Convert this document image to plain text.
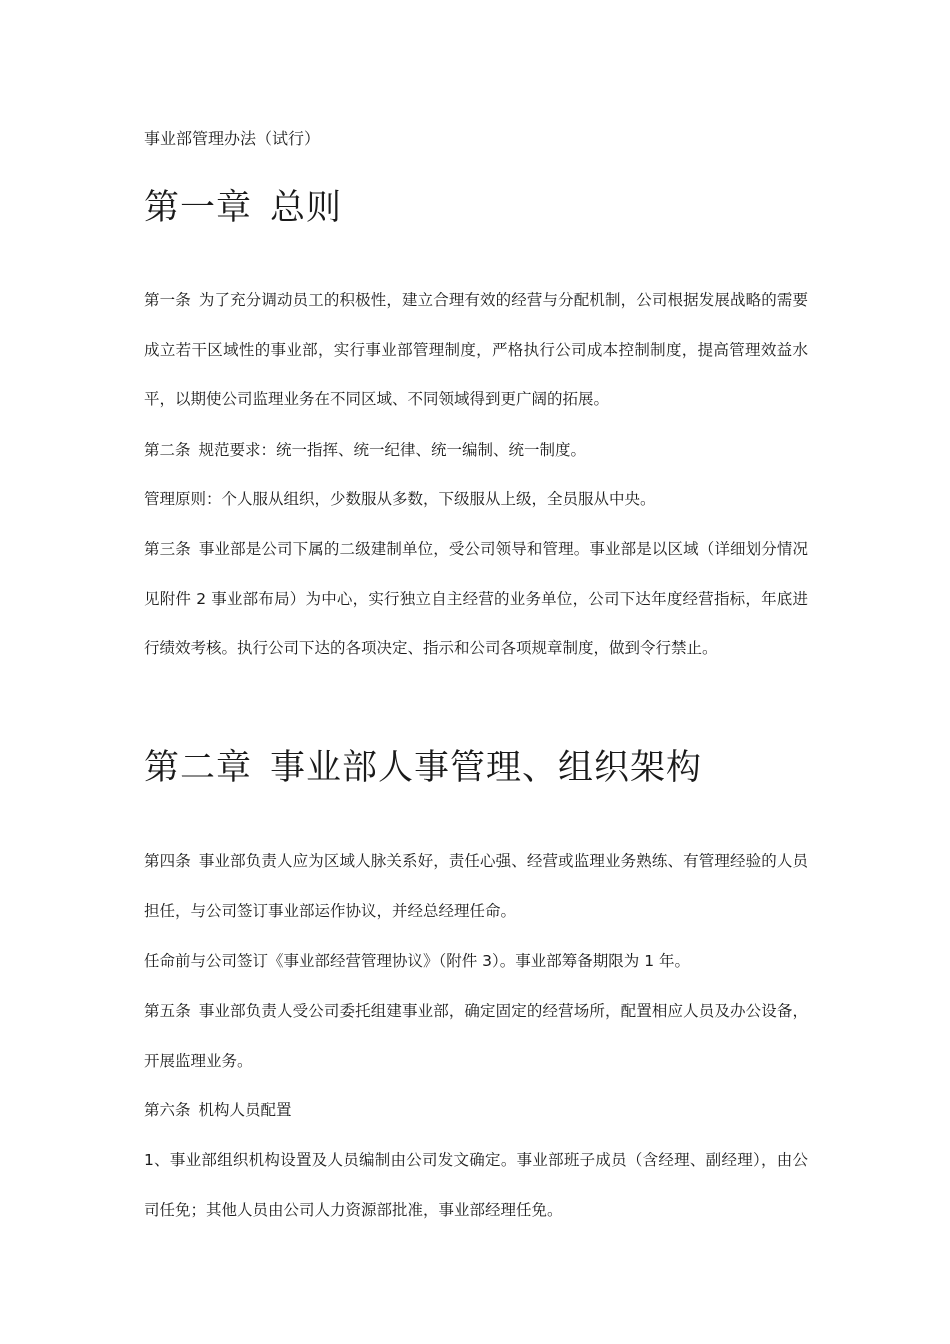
事业部管理办法（试行）
第一章 总则
第一条 为了充分调动员工的积极性，建立合理有效的经营与分配机制，公司根据发展战略的需要成立若干区域性的事业部，实行事业部管理制度，严格执行公司成本控制制度，提高管理效益水平，以期使公司监理业务在不同区域、不同领域得到更广阔的拓展。
第二条 规范要求：统一指挥、统一纪律、统一编制、统一制度。
管理原则：个人服从组织，少数服从多数，下级服从上级，全员服从中央。
第三条 事业部是公司下属的二级建制单位，受公司领导和管理。事业部是以区域（详细划分情况见附件 2 事业部布局）为中心，实行独立自主经营的业务单位，公司下达年度经营指标，年底进行绩效考核。执行公司下达的各项决定、指示和公司各项规章制度，做到令行禁止。
第二章 事业部人事管理、组织架构
第四条 事业部负责人应为区域人脉关系好，责任心强、经营或监理业务熟练、有管理经验的人员担任，与公司签订事业部运作协议，并经总经理任命。
任命前与公司签订《事业部经营管理协议》（附件 3）。事业部筹备期限为 1 年。
第五条 事业部负责人受公司委托组建事业部，确定固定的经营场所，配置相应人员及办公设备，开展监理业务。
第六条 机构人员配置
1、事业部组织机构设置及人员编制由公司发文确定。事业部班子成员（含经理、副经理），由公司任免；其他人员由公司人力资源部批准，事业部经理任免。
